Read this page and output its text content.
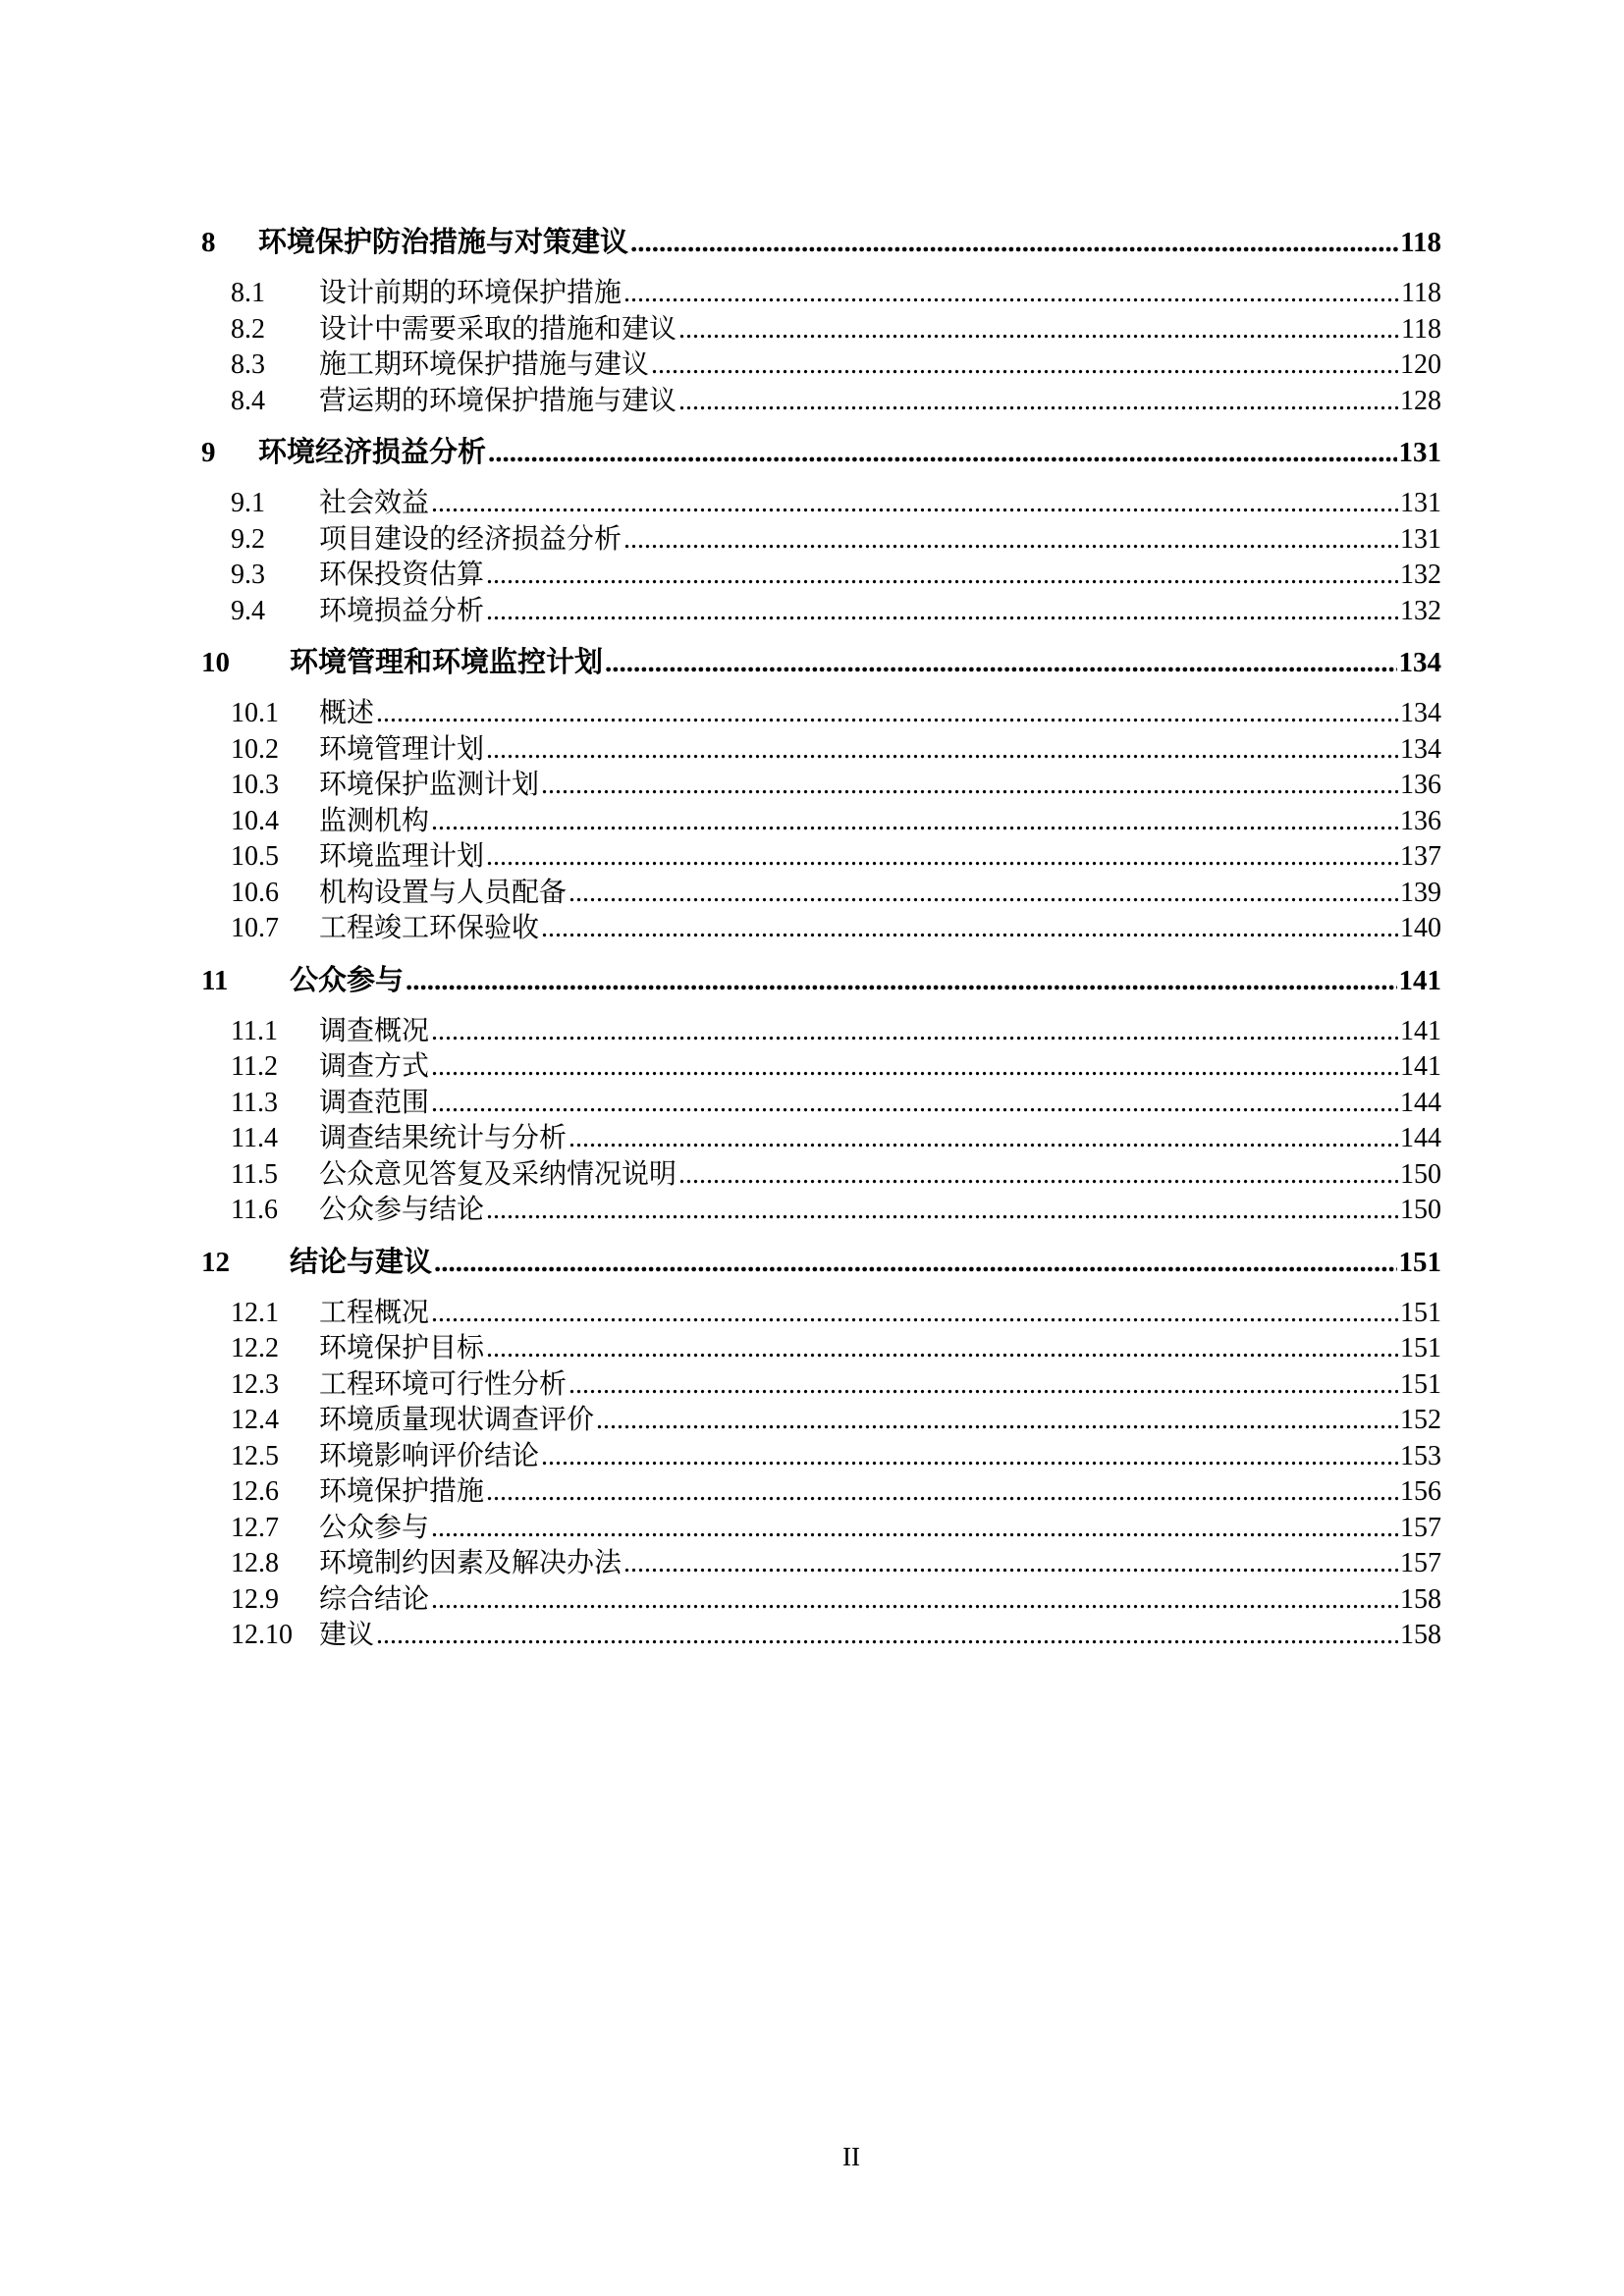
8	环境保护防治措施与对策建议 .....	118
8.1	设计前期的环境保护措施 .....	118
8.2	设计中需要采取的措施和建议 .....	118
8.3	施工期环境保护措施与建议 .....	120
8.4	营运期的环境保护措施与建议 .....	128
9	环境经济损益分析 .....	131
9.1	社会效益 .....	131
9.2	项目建设的经济损益分析 .....	131
9.3	环保投资估算 .....	132
9.4	环境损益分析 .....	132
10	环境管理和环境监控计划 .....	134
10.1	概述 .....	134
10.2	环境管理计划 .....	134
10.3	环境保护监测计划 .....	136
10.4	监测机构 .....	136
10.5	环境监理计划 .....	137
10.6	机构设置与人员配备 .....	139
10.7	工程竣工环保验收 .....	140
11	公众参与 .....	141
11.1	调查概况 .....	141
11.2	调查方式 .....	141
11.3	调查范围 .....	144
11.4	调查结果统计与分析 .....	144
11.5	公众意见答复及采纳情况说明 .....	150
11.6	公众参与结论 .....	150
12	结论与建议 .....	151
12.1	工程概况 .....	151
12.2	环境保护目标 .....	151
12.3	工程环境可行性分析 .....	151
12.4	环境质量现状调查评价 .....	152
12.5	环境影响评价结论 .....	153
12.6	环境保护措施 .....	156
12.7	公众参与 .....	157
12.8	环境制约因素及解决办法 .....	157
12.9	综合结论 .....	158
12.10 建议 .....	158
II
